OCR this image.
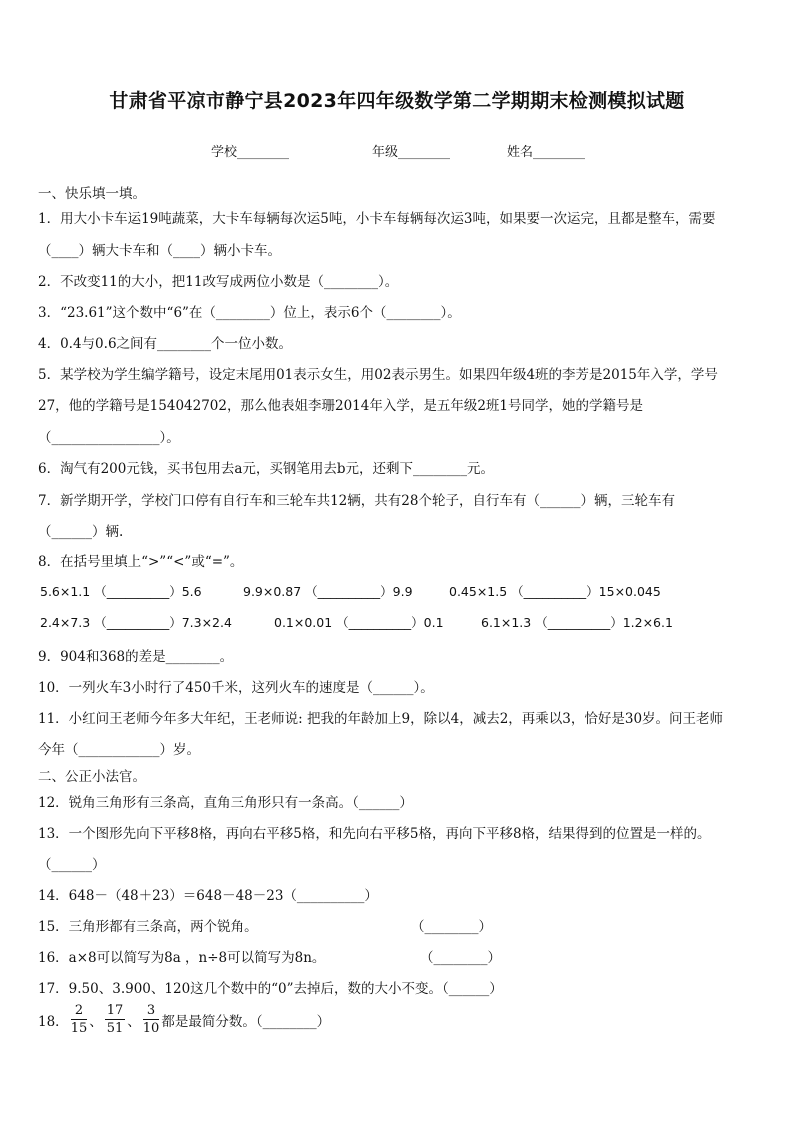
甘肃省平凉市静宁县2023年四年级数学第二学期期末检测模拟试题
学校________	年级________	姓名________
一、快乐填一填。
1．用大小卡车运19吨蔬菜，大卡车每辆每次运5吨，小卡车每辆每次运3吨，如果要一次运完，且都是整车，需要
（____）辆大卡车和（____）辆小卡车。
2．不改变11的大小，把11改写成两位小数是（________）。
3．“23.61”这个数中“6”在（________）位上，表示6个（________）。
4．0.4与0.6之间有________个一位小数。
5．某学校为学生编学籍号，设定末尾用01表示女生，用02表示男生。如果四年级4班的李芳是2015年入学，学号
27，他的学籍号是154042702，那么他表姐李珊2014年入学，是五年级2班1号同学，她的学籍号是
（________________）。
6．淘气有200元钱，买书包用去a元，买钢笔用去b元，还剩下________元。
7．新学期开学，学校门口停有自行车和三轮车共12辆，共有28个轮子，自行车有（______）辆，三轮车有
（______）辆.
8．在括号里填上“>”“<”或“=”。
5.6×1.1 （__________）5.6	9.9×0.87 （__________）9.9	0.45×1.5 （__________）15×0.045
2.4×7.3 （__________）7.3×2.4	0.1×0.01 （__________）0.1	6.1×1.3 （__________）1.2×6.1
9．904和368的差是________。
10．一列火车3小时行了450千米，这列火车的速度是（______）。
11．小红问王老师今年多大年纪，王老师说: 把我的年龄加上9，除以4，减去2，再乘以3，恰好是30岁。问王老师
今年（____________）岁。
二、公正小法官。
12．锐角三角形有三条高，直角三角形只有一条高。（______）
13．一个图形先向下平移8格，再向右平移5格，和先向右平移5格，再向下平移8格，结果得到的位置是一样的。
（______）
14．648－（48＋23）＝648－48－23（__________）
15．三角形都有三条高，两个锐角。	（________）
16．a×8可以简写为8a ，n÷8可以简写为8n。	（________）
17．9.50、3.900、120这几个数中的“0”去掉后，数的大小不变。（______）
18． $\frac{2}{15}$ 、 $\frac{17}{51}$ 、 $\frac{3}{10}$ 都是最简分数。（________）
